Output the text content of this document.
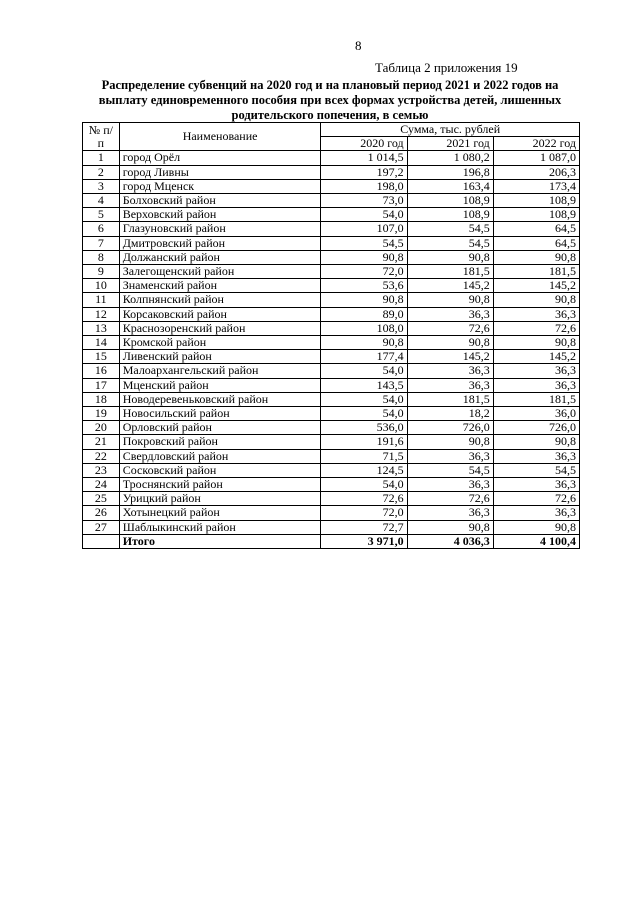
8
Таблица 2 приложения 19
Распределение субвенций на 2020 год и на плановый период 2021 и 2022 годов на выплату единовременного пособия при всех формах устройства детей, лишенных родительского попечения, в семью
№ п/п	Наименование	Сумма, тыс. рублей		
		2020 год	2021 год	2022 год
1	город Орёл	1 014,5	1 080,2	1 087,0
2	город Ливны	197,2	196,8	206,3
3	город Мценск	198,0	163,4	173,4
4	Болховский район	73,0	108,9	108,9
5	Верховский район	54,0	108,9	108,9
6	Глазуновский район	107,0	54,5	64,5
7	Дмитровский район	54,5	54,5	64,5
8	Должанский район	90,8	90,8	90,8
9	Залегощенский район	72,0	181,5	181,5
10	Знаменский район	53,6	145,2	145,2
11	Колпнянский район	90,8	90,8	90,8
12	Корсаковский район	89,0	36,3	36,3
13	Краснозоренский район	108,0	72,6	72,6
14	Кромской район	90,8	90,8	90,8
15	Ливенский район	177,4	145,2	145,2
16	Малоархангельский район	54,0	36,3	36,3
17	Мценский район	143,5	36,3	36,3
18	Новодеревеньковский район	54,0	181,5	181,5
19	Новосильский район	54,0	18,2	36,0
20	Орловский район	536,0	726,0	726,0
21	Покровский район	191,6	90,8	90,8
22	Свердловский район	71,5	36,3	36,3
23	Сосковский район	124,5	54,5	54,5
24	Троснянский район	54,0	36,3	36,3
25	Урицкий район	72,6	72,6	72,6
26	Хотынецкий район	72,0	36,3	36,3
27	Шаблыкинский район	72,7	90,8	90,8
	Итого	3 971,0	4 036,3	4 100,4
